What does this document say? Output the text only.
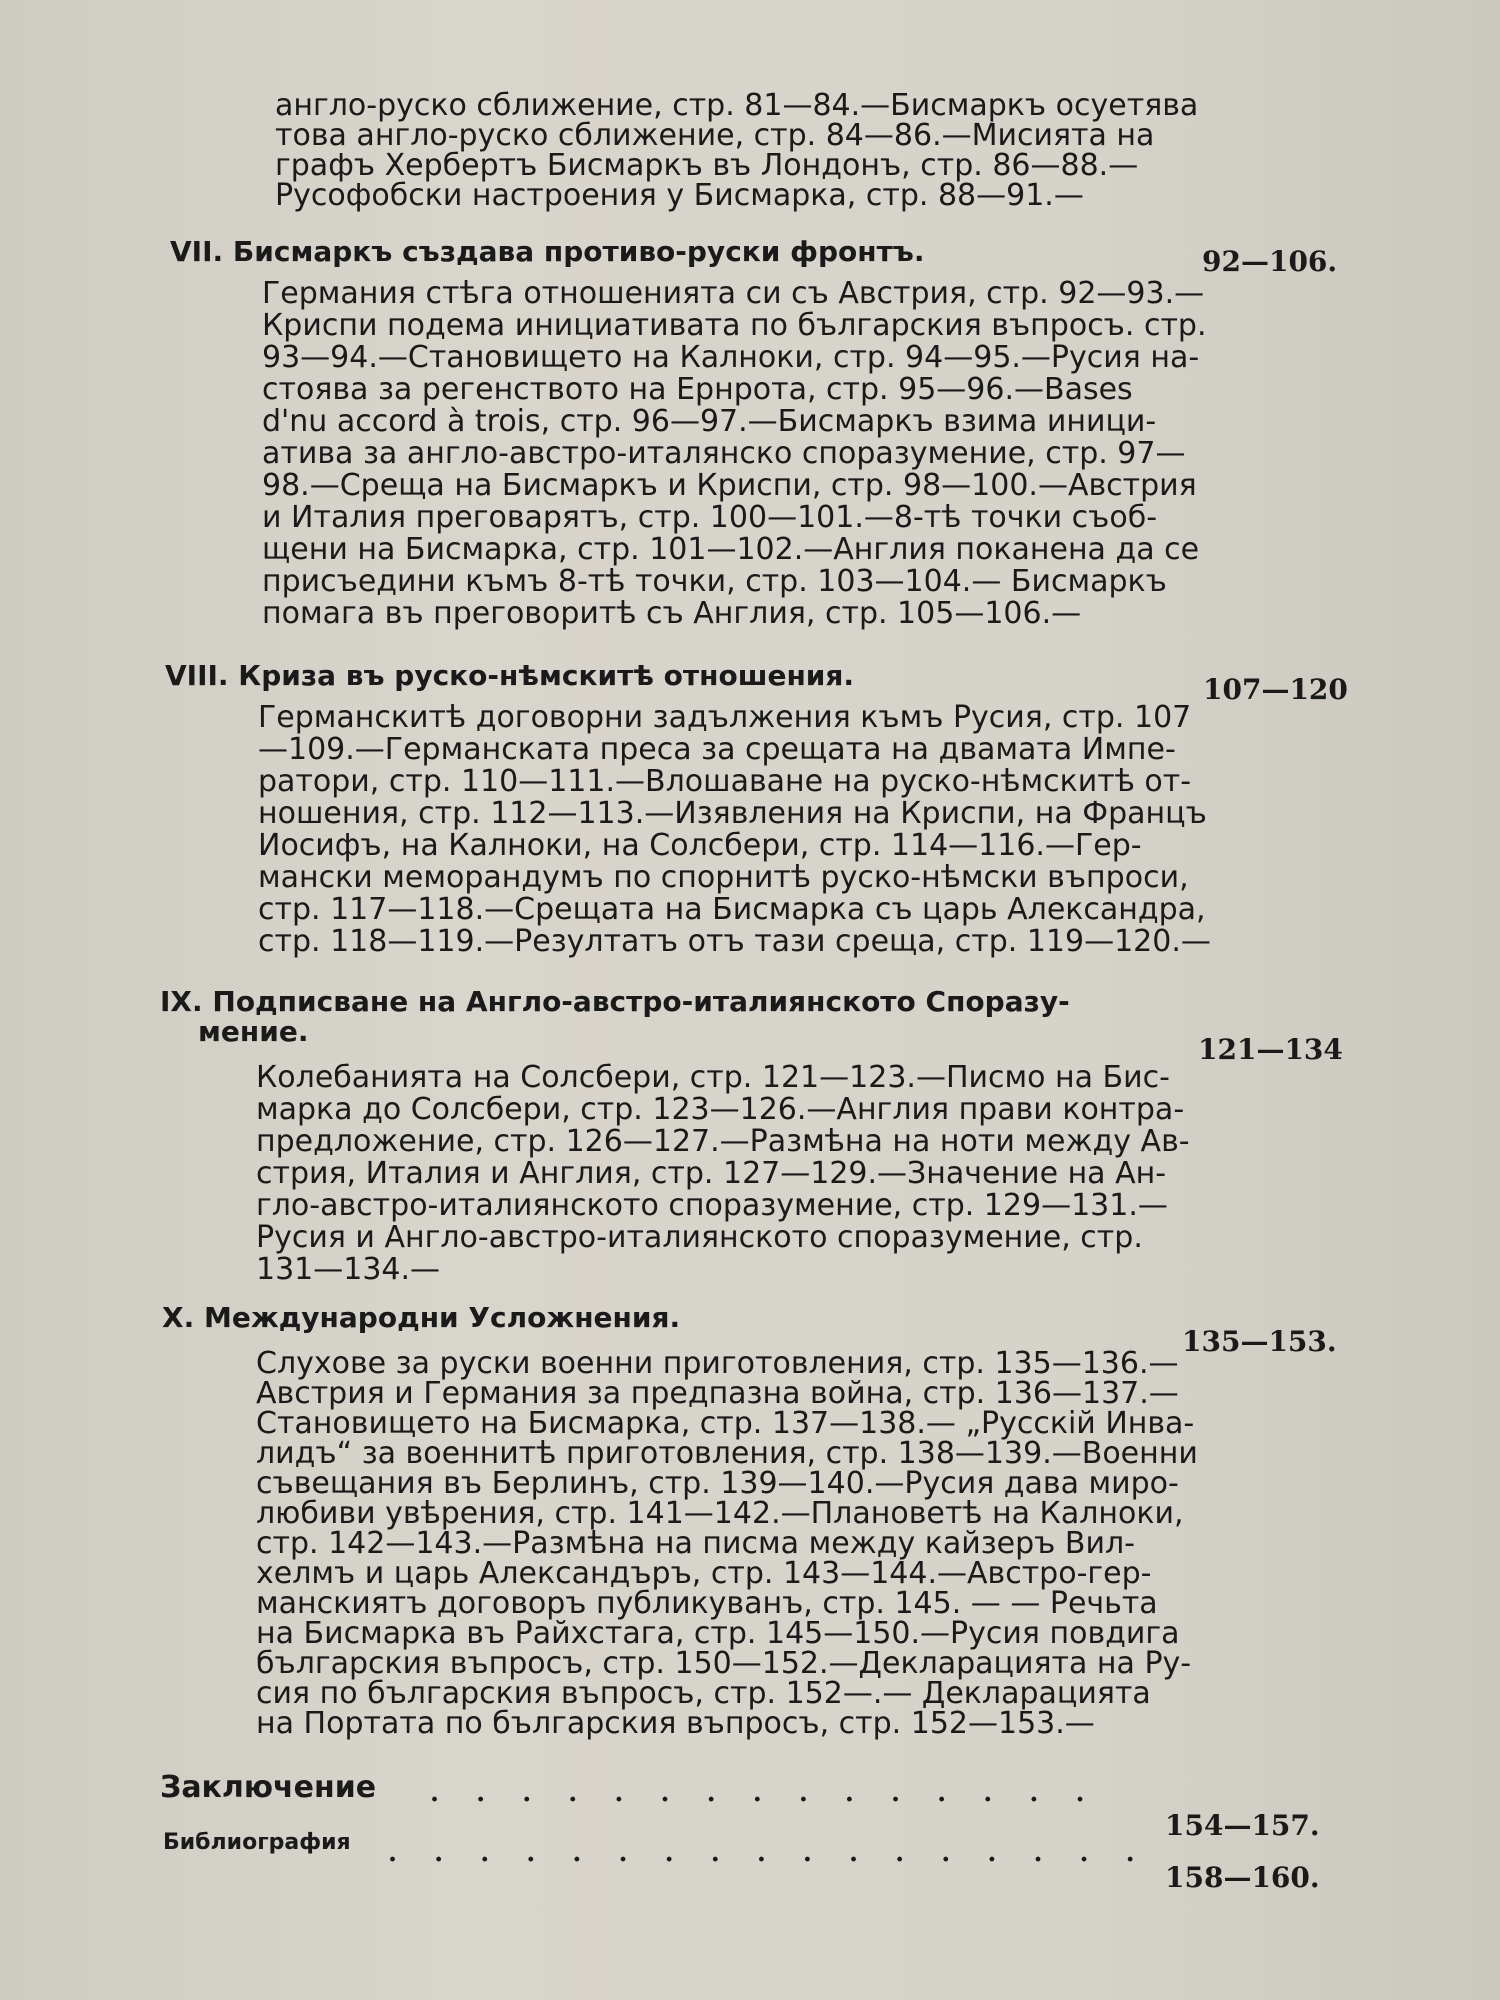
англо-руско сближение, стр. 81—84.—Бисмаркъ осуетява
това англо-руско сближение, стр. 84—86.—Мисията на
графъ Хербертъ Бисмаркъ въ Лондонъ, стр. 86—88.—
Русофобски настроения у Бисмарка, стр. 88—91.—
VII. Бисмаркъ създава противо-руски фронтъ.	92—106.
Германия стѣга отношенията си съ Австрия, стр. 92—93.—
Криспи подема инициативата по българския въпросъ. стр.
93—94.—Становището на Калноки, стр. 94—95.—Русия на-
стоява за регенството на Ернрота, стр. 95—96.—Bases
d'nu accord à trois, стр. 96—97.—Бисмаркъ взима иници-
атива за англо-австро-италянско споразумение, стр. 97—
98.—Среща на Бисмаркъ и Криспи, стр. 98—100.—Австрия
и Италия преговарятъ, стр. 100—101.—8-тѣ точки съоб-
щени на Бисмарка, стр. 101—102.—Англия поканена да се
присъедини къмъ 8-тѣ точки, стр. 103—104.— Бисмаркъ
помага въ преговоритѣ съ Англия, стр. 105—106.—
VIII. Криза въ руско-нѣмскитѣ отношения.	107—120
Германскитѣ договорни задължения къмъ Русия, стр. 107
—109.—Германската преса за срещата на двамата Импе-
ратори, стр. 110—111.—Влошаване на руско-нѣмскитѣ от-
ношения, стр. 112—113.—Изявления на Криспи, на Францъ
Иосифъ, на Калноки, на Солсбери, стр. 114—116.—Гер-
мански меморандумъ по спорнитѣ руско-нѣмски въпроси,
стр. 117—118.—Срещата на Бисмарка съ царь Александра,
стр. 118—119.—Резултатъ отъ тази среща, стр. 119—120.—
IX. Подписване на Англо-австро-италиянското Споразу-
мение.
121—134
Колебанията на Солсбери, стр. 121—123.—Писмо на Бис-
марка до Солсбери, стр. 123—126.—Англия прави контра-
предложение, стр. 126—127.—Размѣна на ноти между Ав-
стрия, Италия и Англия, стр. 127—129.—Значение на Ан-
гло-австро-италиянското споразумение, стр. 129—131.—
Русия и Англо-австро-италиянското споразумение, стр.
131—134.—
X. Международни Усложнения.
135—153.
Слухове за руски военни приготовления, стр. 135—136.—
Австрия и Германия за предпазна война, стр. 136—137.—
Становището на Бисмарка, стр. 137—138.— „Русскiй Инва-
лидъ“ за военнитѣ приготовления, стр. 138—139.—Военни
съвещания въ Берлинъ, стр. 139—140.—Русия дава миро-
любиви увѣрения, стр. 141—142.—Плановетѣ на Калноки,
стр. 142—143.—Размѣна на писма между кайзеръ Вил-
хелмъ и царь Александъръ, стр. 143—144.—Австро-гер-
манскиятъ договоръ публикуванъ, стр. 145. — — Речьта
на Бисмарка въ Райхстага, стр. 145—150.—Русия повдига
българския въпросъ, стр. 150—152.—Декларацията на Ру-
сия по българския въпросъ, стр. 152—.— Декларацията
на Портата по българския въпросъ, стр. 152—153.—
Заключение . . . . . . . . . . . . . . .
154—157.
Библиография . . . . . . . . . . . . . . . . .
158—160.
